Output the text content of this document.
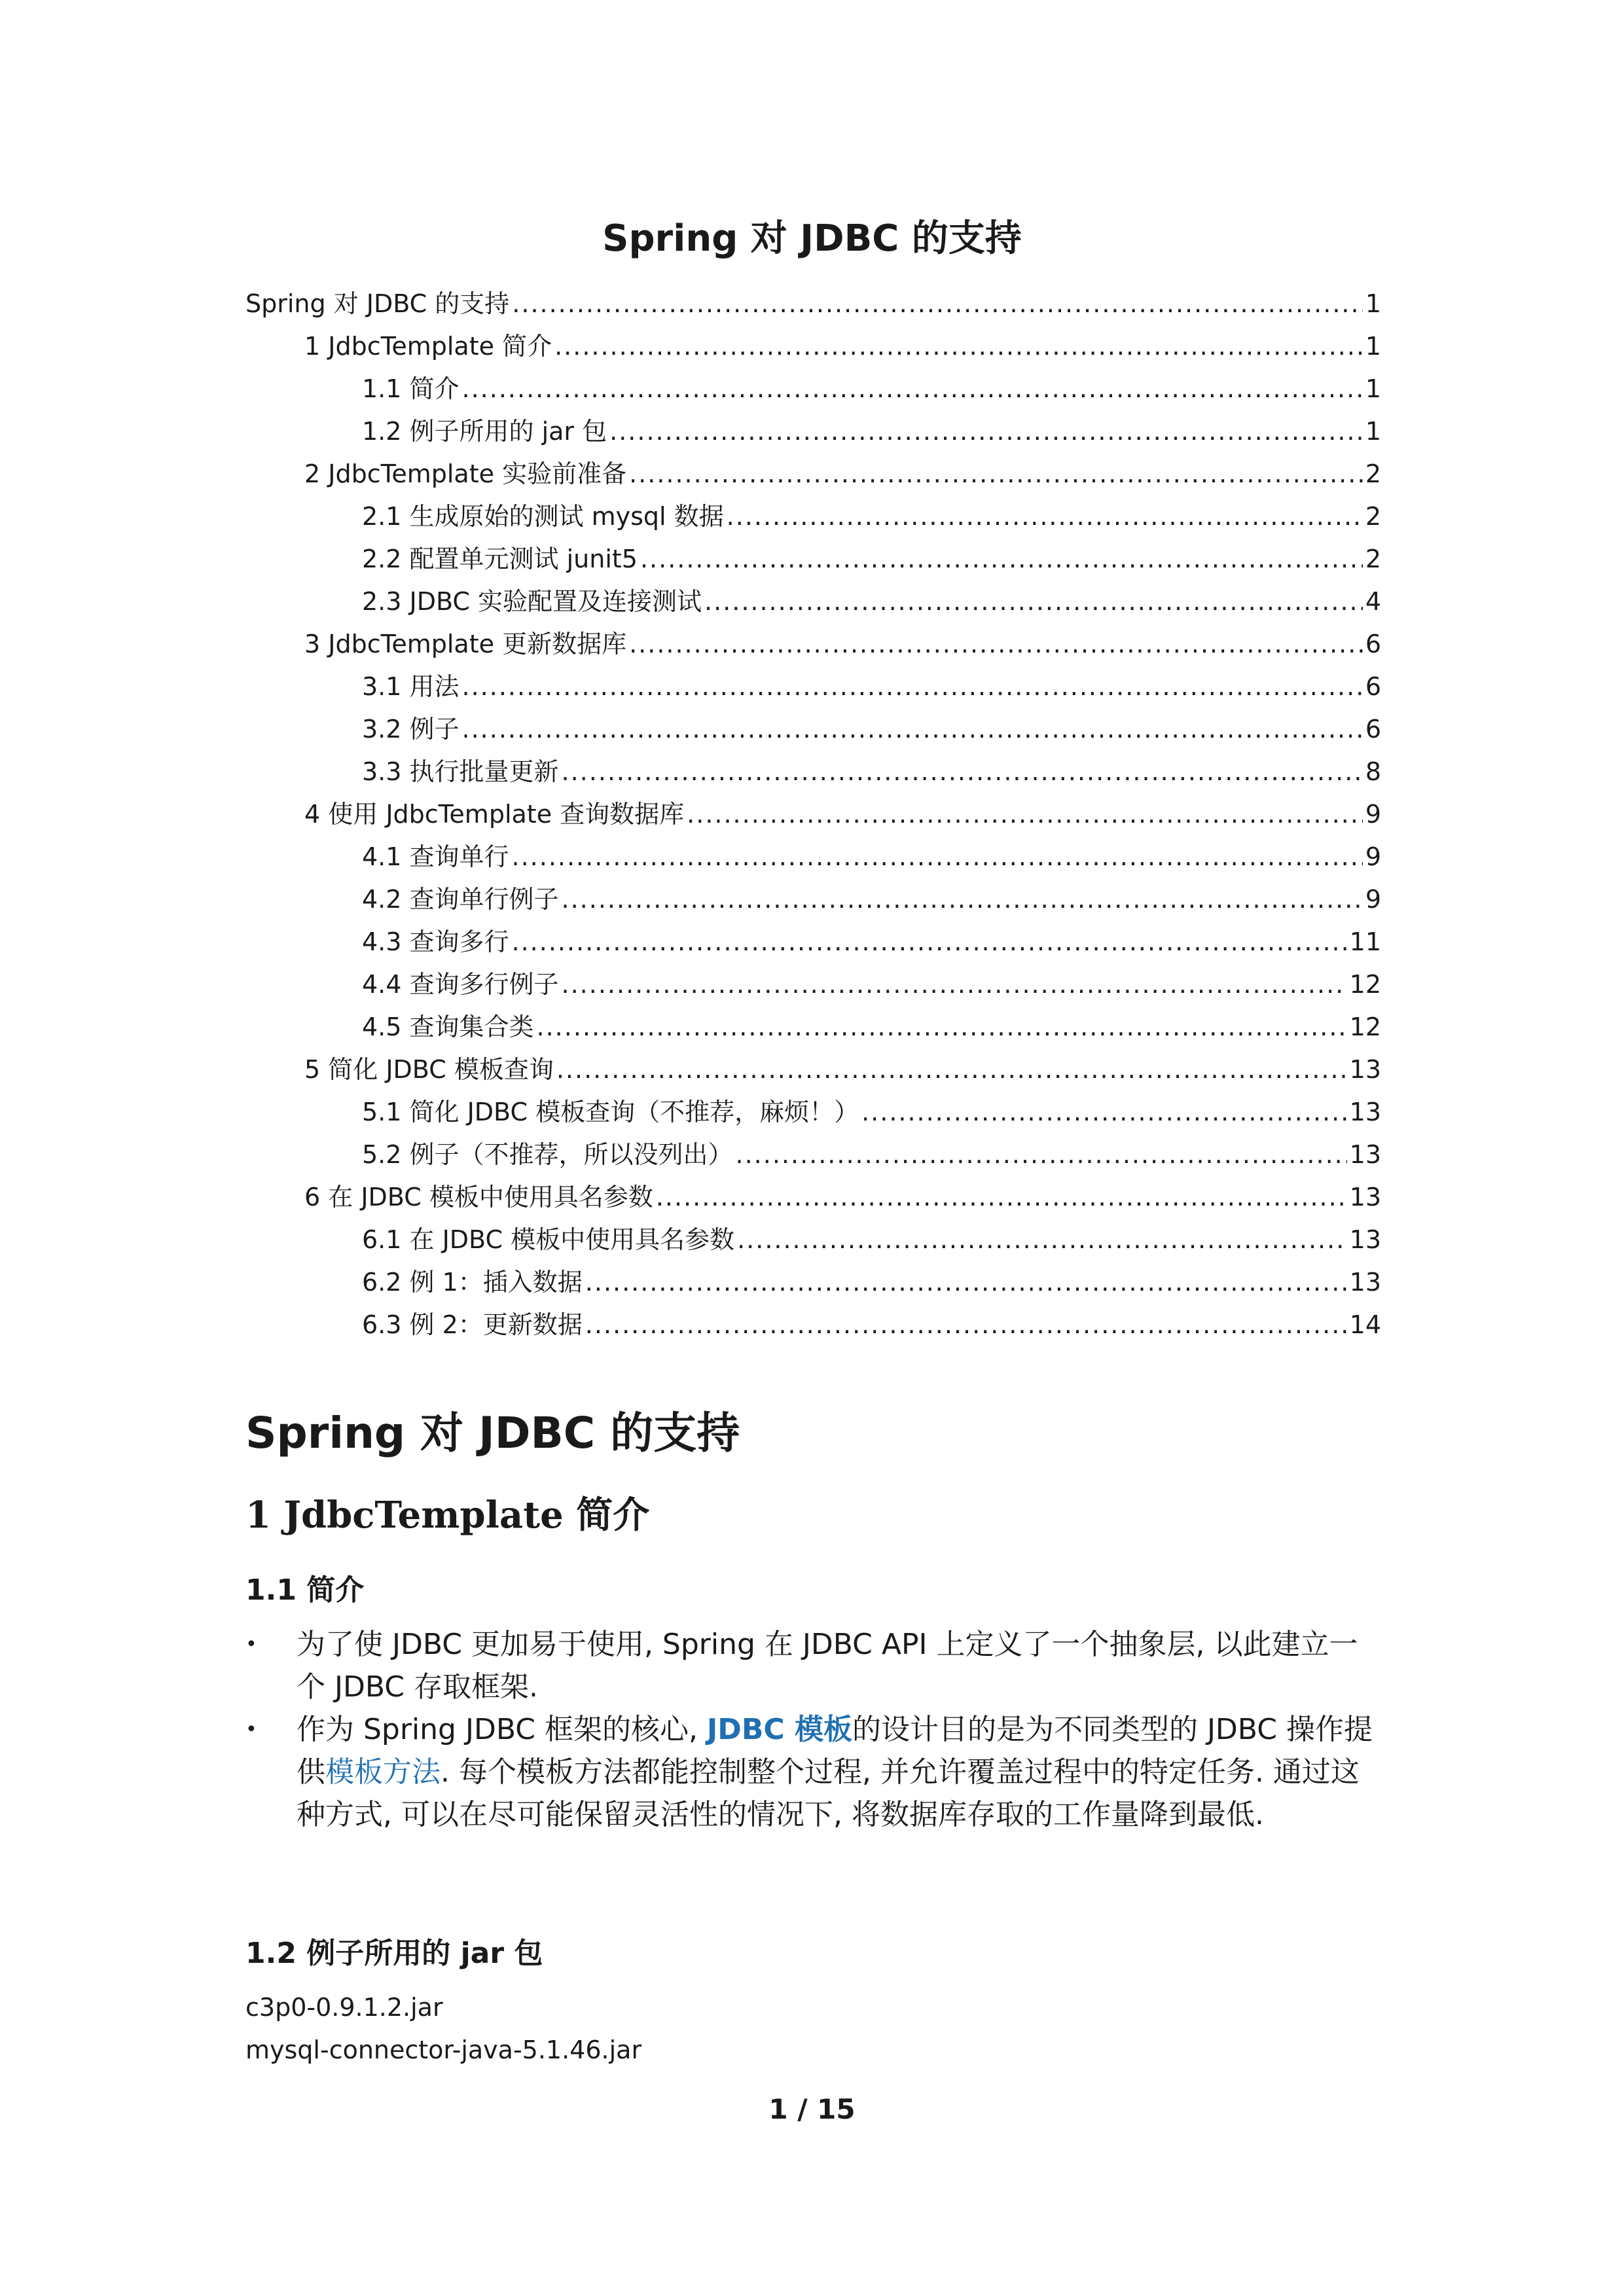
Spring 对 JDBC 的支持
Spring 对 JDBC 的支持 .....	1
1 JdbcTemplate 简介 .....	1
1.1 简介 .....	1
1.2 例子所用的 jar 包 .....	1
2 JdbcTemplate 实验前准备 .....	2
2.1 生成原始的测试 mysql 数据 .....	2
2.2 配置单元测试 junit5 .....	2
2.3 JDBC 实验配置及连接测试 .....	4
3 JdbcTemplate 更新数据库 .....	6
3.1 用法 .....	6
3.2 例子 .....	6
3.3 执行批量更新 .....	8
4 使用 JdbcTemplate 查询数据库 .....	9
4.1 查询单行 .....	9
4.2 查询单行例子 .....	9
4.3 查询多行 .....	11
4.4 查询多行例子 .....	12
4.5 查询集合类 .....	12
5 简化 JDBC 模板查询 .....	13
5.1 简化 JDBC 模板查询（不推荐，麻烦！） .....	13
5.2 例子（不推荐，所以没列出） .....	13
6 在 JDBC 模板中使用具名参数 .....	13
6.1 在 JDBC 模板中使用具名参数 .....	13
6.2 例 1：插入数据 .....	13
6.3 例 2：更新数据 .....	14
Spring 对 JDBC 的支持
1 JdbcTemplate 简介
1.1 简介
• 为了使 JDBC 更加易于使用, Spring 在 JDBC API 上定义了一个抽象层, 以此建立一个 JDBC 存取框架.
• 作为 Spring JDBC 框架的核心, JDBC 模板的设计目的是为不同类型的 JDBC 操作提供模板方法. 每个模板方法都能控制整个过程, 并允许覆盖过程中的特定任务. 通过这种方式, 可以在尽可能保留灵活性的情况下, 将数据库存取的工作量降到最低.
1.2 例子所用的 jar 包
c3p0-0.9.1.2.jar
mysql-connector-java-5.1.46.jar
1 / 15
